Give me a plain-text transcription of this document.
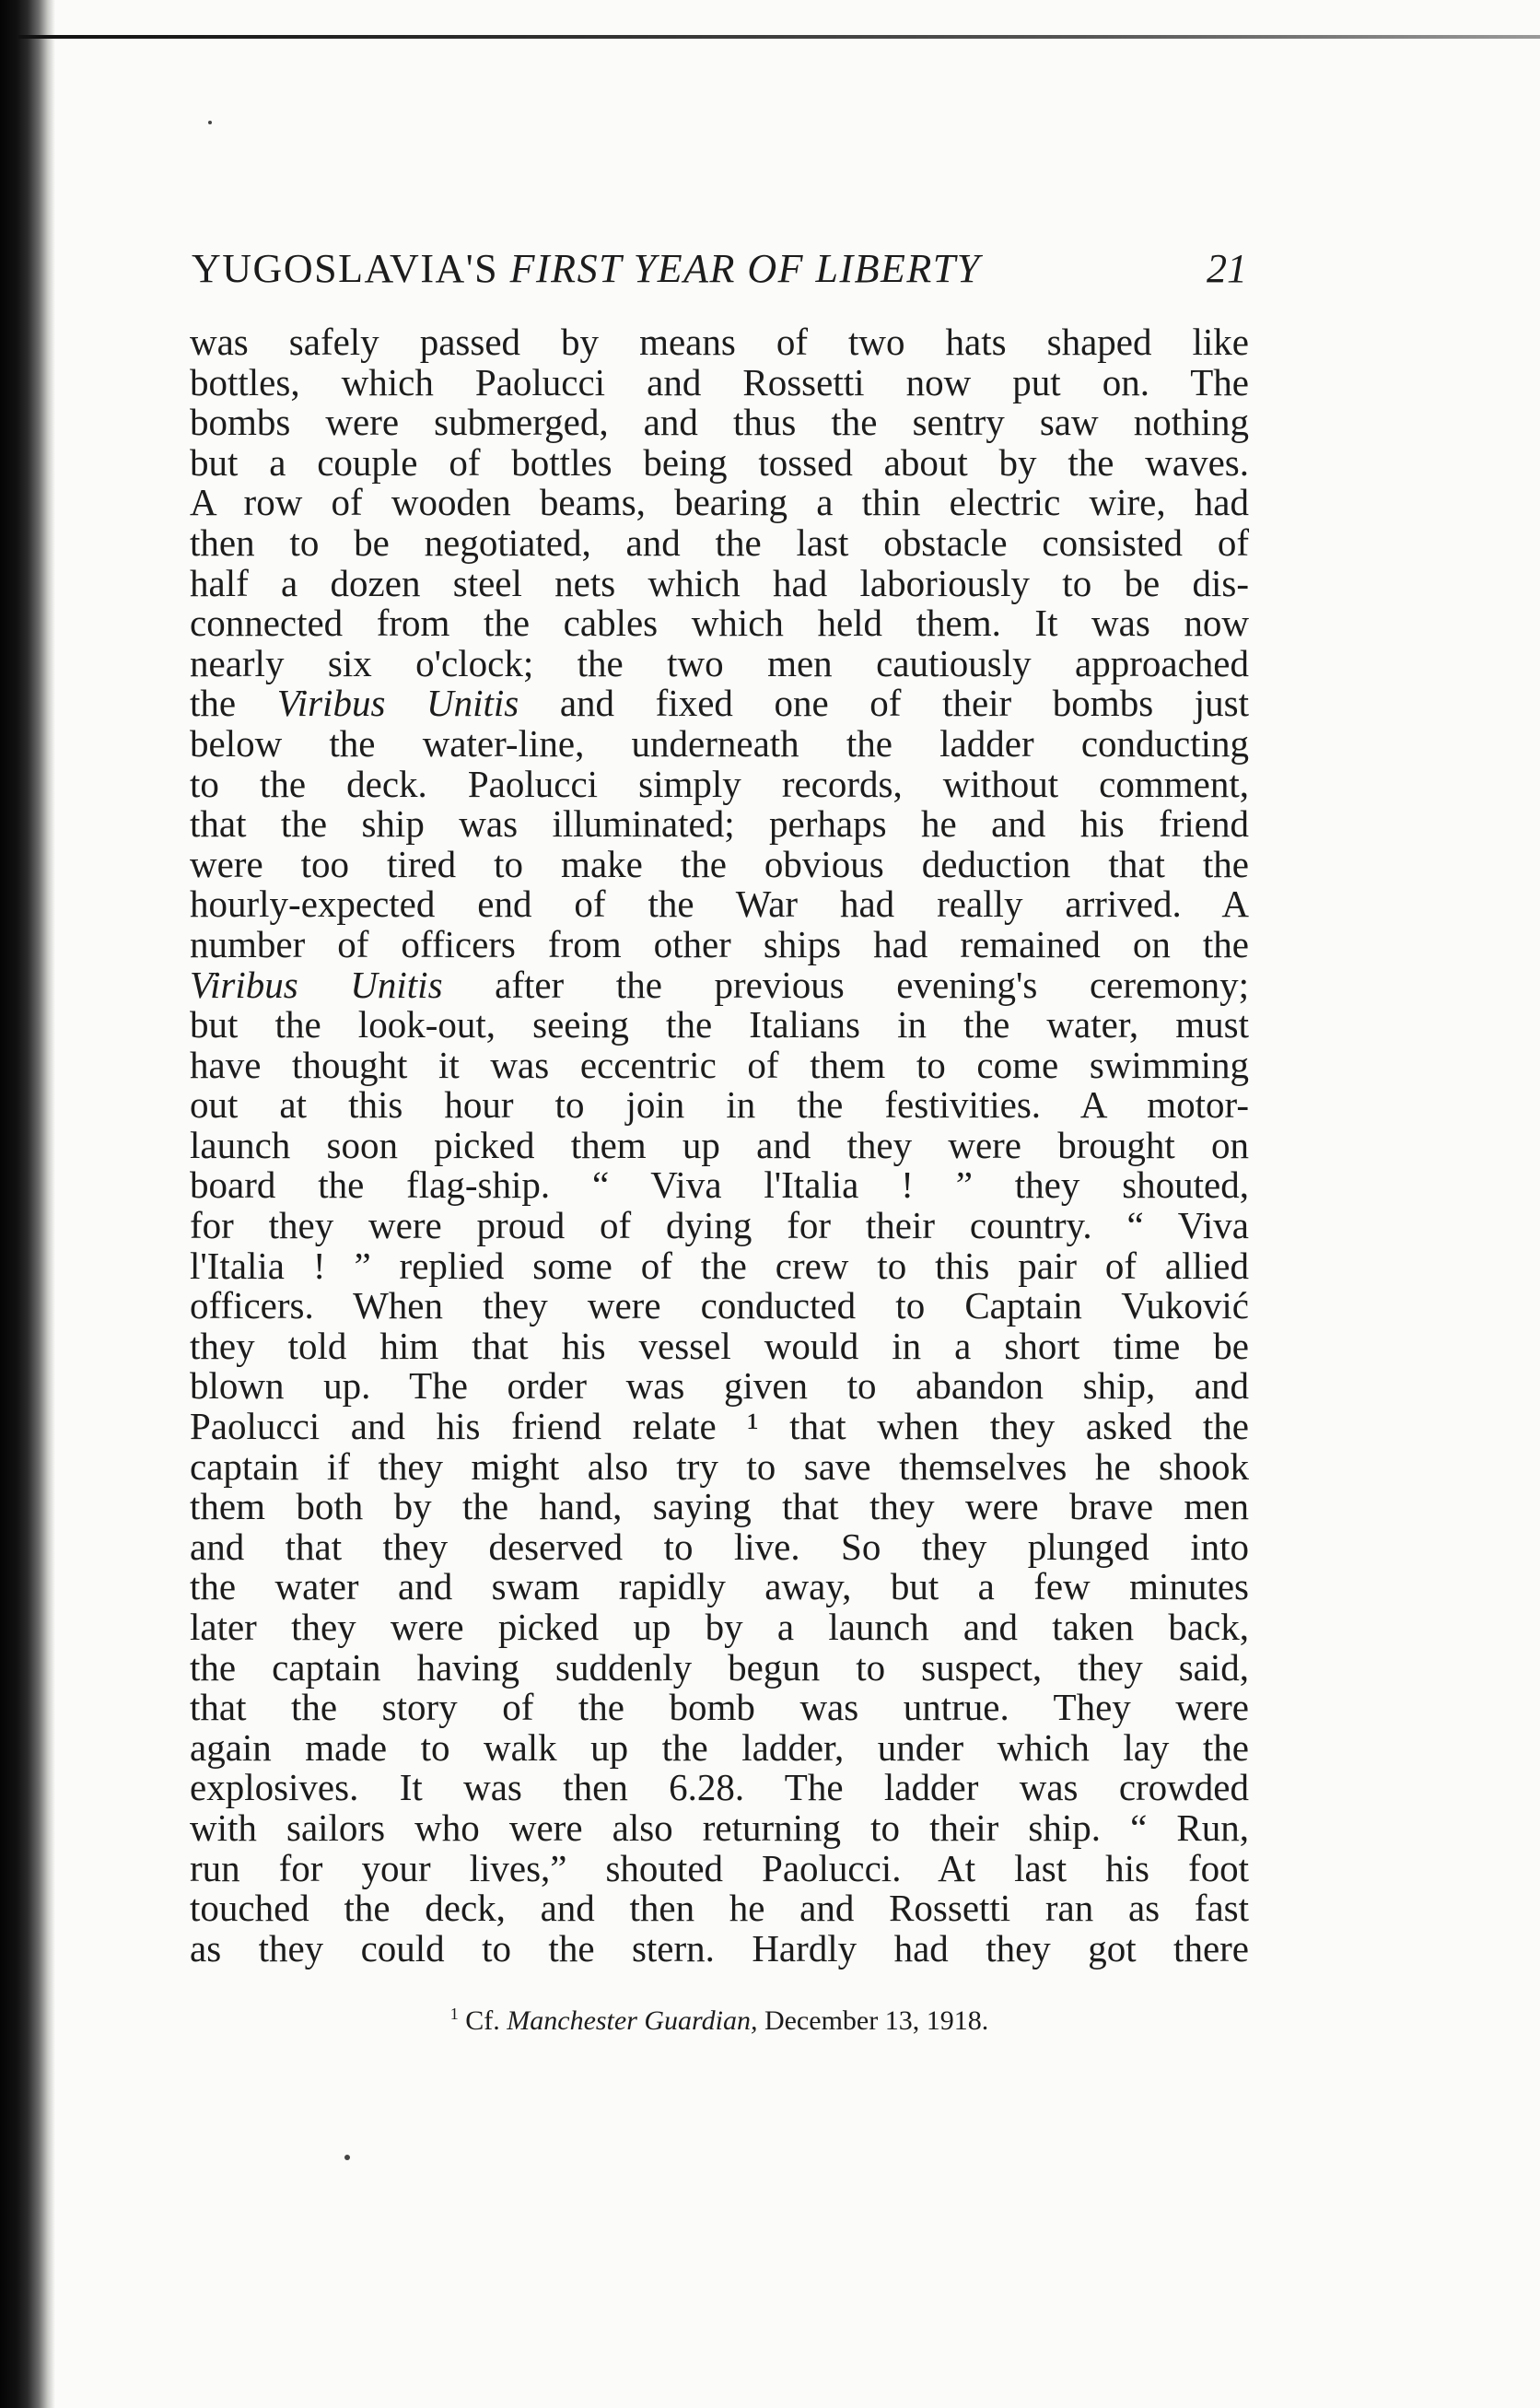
YUGOSLAVIA'S FIRST YEAR OF LIBERTY	21
was safely passed by means of two hats shaped like
bottles, which Paolucci and Rossetti now put on. The
bombs were submerged, and thus the sentry saw nothing
but a couple of bottles being tossed about by the waves.
A row of wooden beams, bearing a thin electric wire, had
then to be negotiated, and the last obstacle consisted of
half a dozen steel nets which had laboriously to be dis-
connected from the cables which held them. It was now
nearly six o'clock; the two men cautiously approached
the Viribus Unitis and fixed one of their bombs just
below the water-line, underneath the ladder conducting
to the deck. Paolucci simply records, without comment,
that the ship was illuminated; perhaps he and his friend
were too tired to make the obvious deduction that the
hourly-expected end of the War had really arrived. A
number of officers from other ships had remained on the
Viribus Unitis after the previous evening's ceremony;
but the look-out, seeing the Italians in the water, must
have thought it was eccentric of them to come swimming
out at this hour to join in the festivities. A motor-
launch soon picked them up and they were brought on
board the flag-ship. “ Viva l'Italia ! ” they shouted,
for they were proud of dying for their country. “ Viva
l'Italia ! ” replied some of the crew to this pair of allied
officers. When they were conducted to Captain Vuković
they told him that his vessel would in a short time be
blown up. The order was given to abandon ship, and
Paolucci and his friend relate ¹ that when they asked the
captain if they might also try to save themselves he shook
them both by the hand, saying that they were brave men
and that they deserved to live. So they plunged into
the water and swam rapidly away, but a few minutes
later they were picked up by a launch and taken back,
the captain having suddenly begun to suspect, they said,
that the story of the bomb was untrue. They were
again made to walk up the ladder, under which lay the
explosives. It was then 6.28. The ladder was crowded
with sailors who were also returning to their ship. “ Run,
run for your lives,” shouted Paolucci. At last his foot
touched the deck, and then he and Rossetti ran as fast
as they could to the stern. Hardly had they got there
$^1$ Cf. Manchester Guardian, December 13, 1918.
